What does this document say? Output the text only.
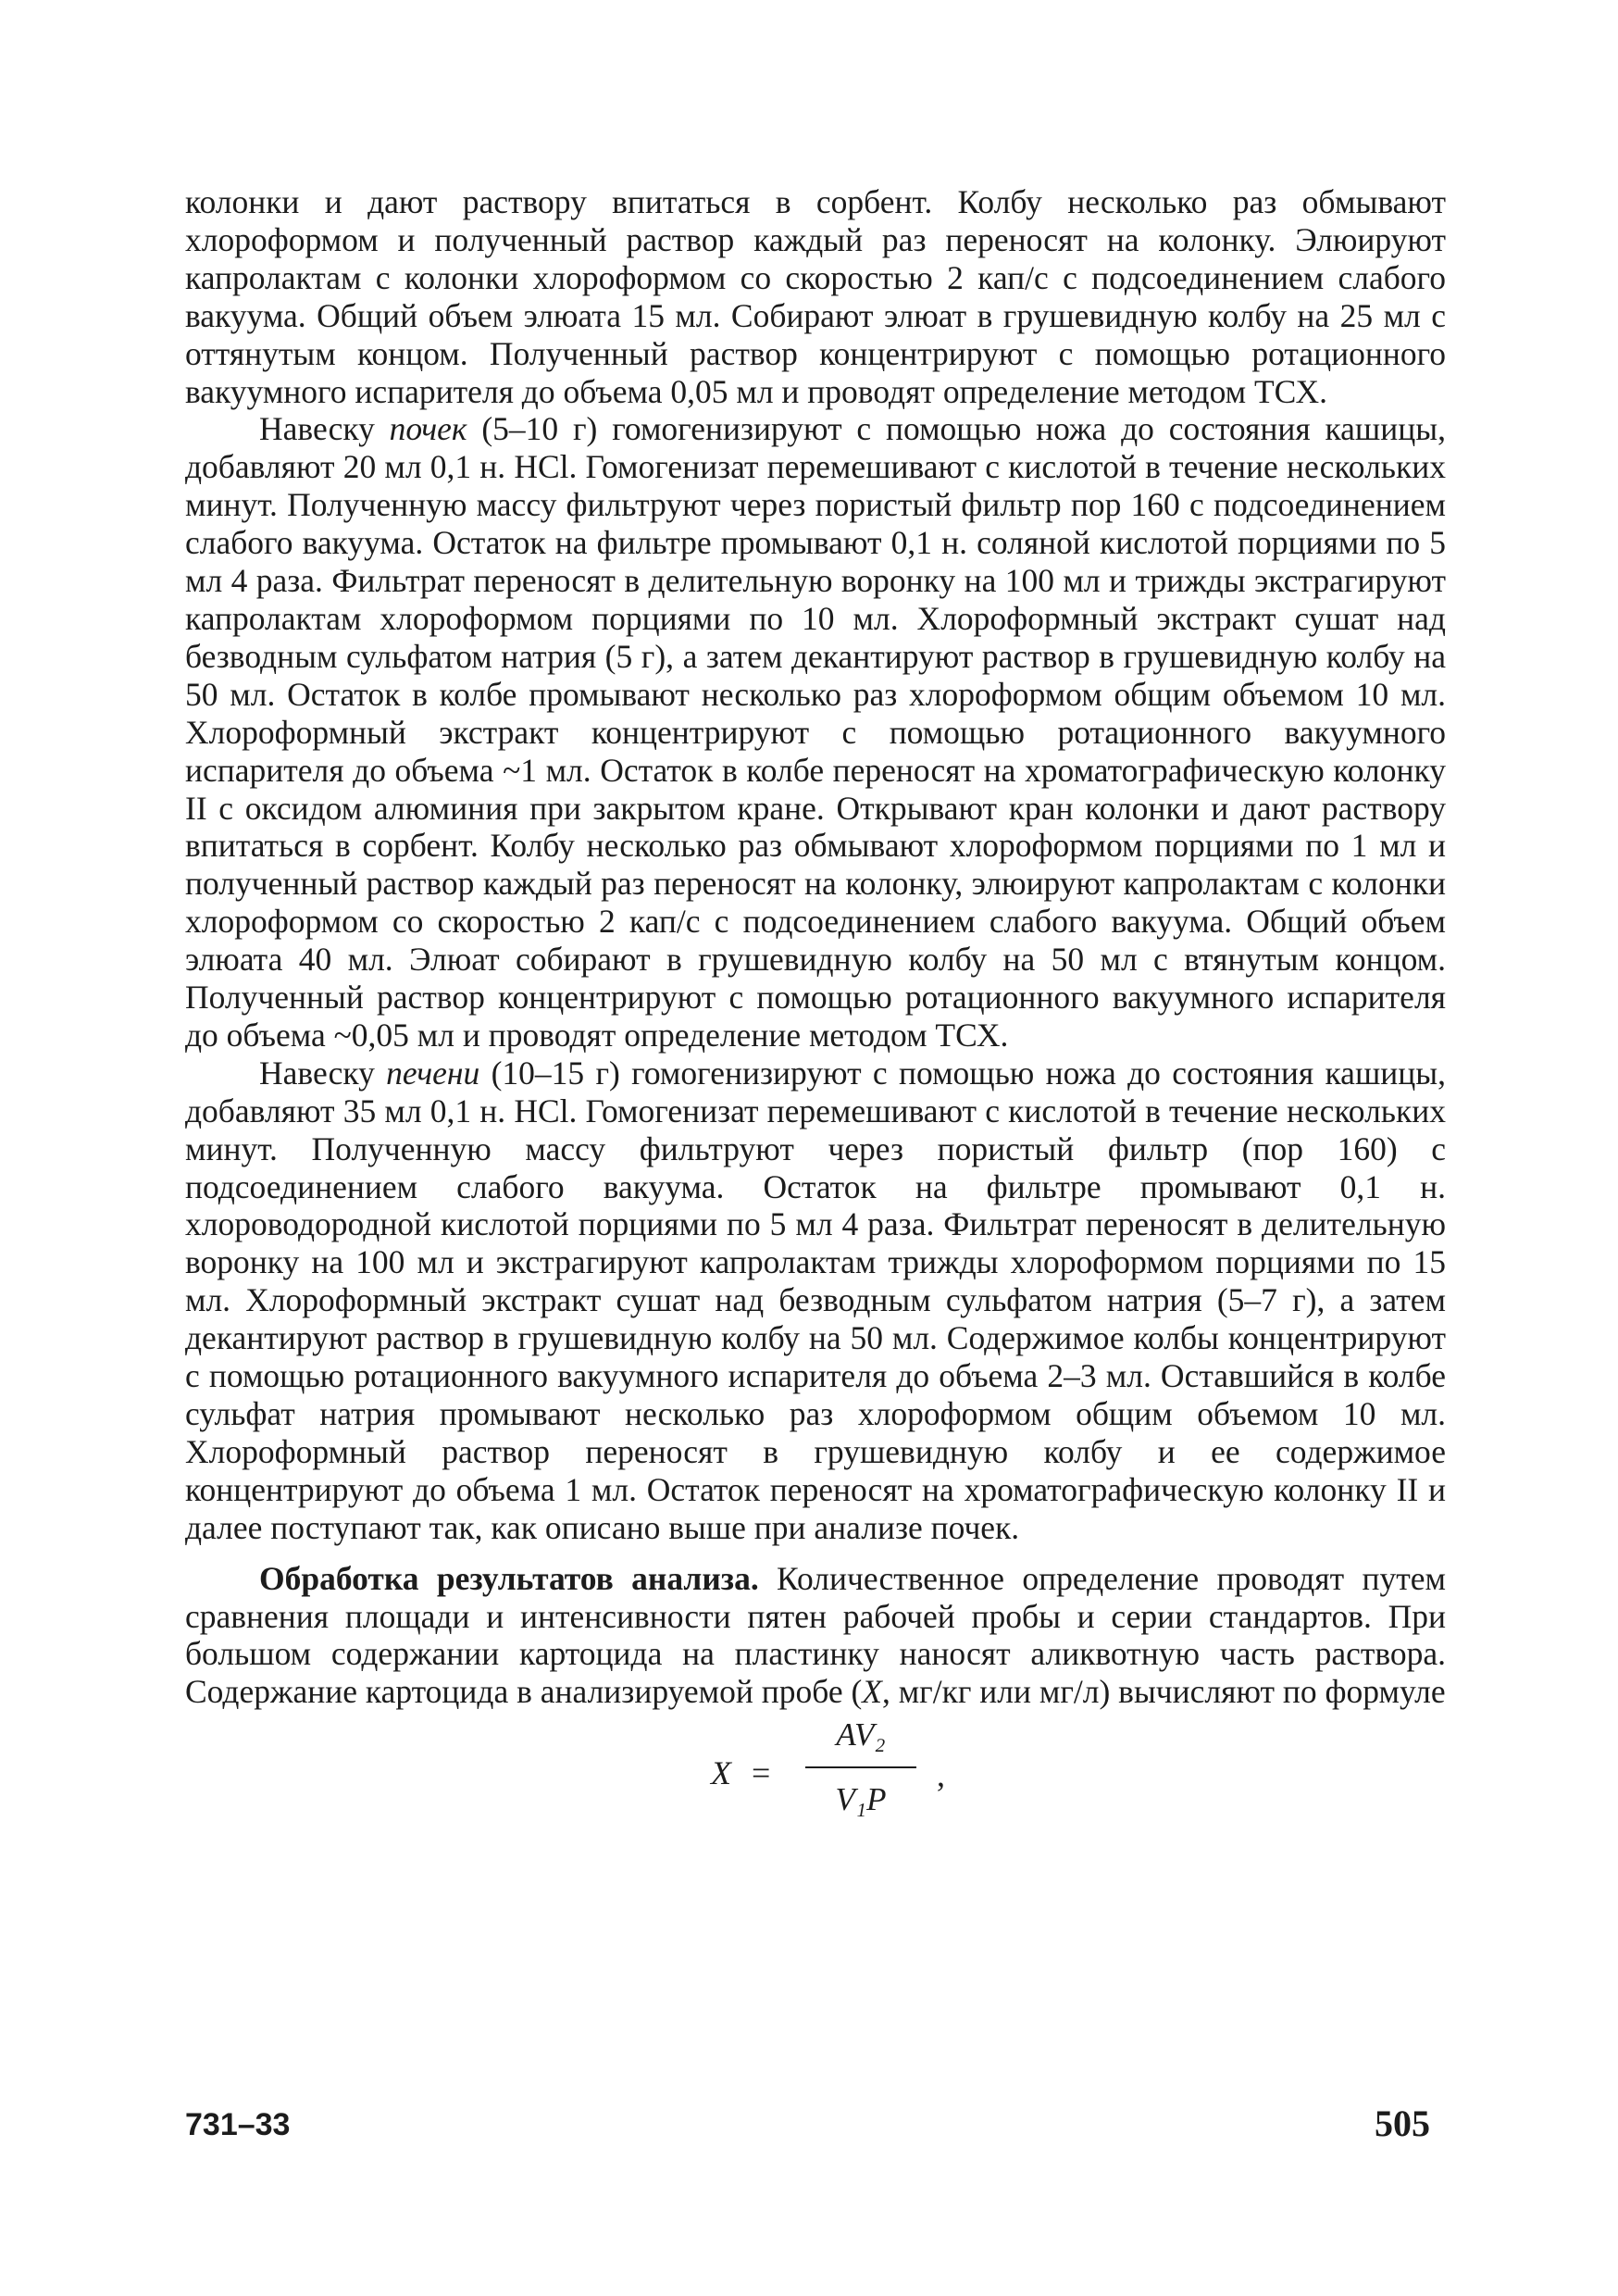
колонки и дают раствору впитаться в сорбент. Колбу несколько раз обмывают хлороформом и полученный раствор каждый раз переносят на колонку. Элюируют капролактам с колонки хлороформом со скоростью 2 кап/с с подсоединением слабого вакуума. Общий объем элюата 15 мл. Собирают элюат в грушевидную колбу на 25 мл с оттянутым концом. Полученный раствор концентрируют с помощью ротационного вакуумного испарителя до объема 0,05 мл и проводят определение методом ТСХ.

Навеску почек (5–10 г) гомогенизируют с помощью ножа до состояния кашицы, добавляют 20 мл 0,1 н. HCl. Гомогенизат перемешивают с кислотой в течение нескольких минут. Полученную массу фильтруют через пористый фильтр пор 160 с подсоединением слабого вакуума. Остаток на фильтре промывают 0,1 н. соляной кислотой порциями по 5 мл 4 раза. Фильтрат переносят в делительную воронку на 100 мл и трижды экстрагируют капролактам хлороформом порциями по 10 мл. Хлороформный экстракт сушат над безводным сульфатом натрия (5 г), а затем декантируют раствор в грушевидную колбу на 50 мл. Остаток в колбе промывают несколько раз хлороформом общим объемом 10 мл. Хлороформный экстракт концентрируют с помощью ротационного вакуумного испарителя до объема ~1 мл. Остаток в колбе переносят на хроматографическую колонку II с оксидом алюминия при закрытом кране. Открывают кран колонки и дают раствору впитаться в сорбент. Колбу несколько раз обмывают хлороформом порциями по 1 мл и полученный раствор каждый раз переносят на колонку, элюируют капролактам с колонки хлороформом со скоростью 2 кап/с с подсоединением слабого вакуума. Общий объем элюата 40 мл. Элюат собирают в грушевидную колбу на 50 мл с втянутым концом. Полученный раствор концентрируют с помощью ротационного вакуумного испарителя до объема ~0,05 мл и проводят определение методом ТСХ.

Навеску печени (10–15 г) гомогенизируют с помощью ножа до состояния кашицы, добавляют 35 мл 0,1 н. HCl. Гомогенизат перемешивают с кислотой в течение нескольких минут. Полученную массу фильтруют через пористый фильтр (пор 160) с подсоединением слабого вакуума. Остаток на фильтре промывают 0,1 н. хлороводородной кислотой порциями по 5 мл 4 раза. Фильтрат переносят в делительную воронку на 100 мл и экстрагируют капролактам трижды хлороформом порциями по 15 мл. Хлороформный экстракт сушат над безводным сульфатом натрия (5–7 г), а затем декантируют раствор в грушевидную колбу на 50 мл. Содержимое колбы концентрируют с помощью ротационного вакуумного испарителя до объема 2–3 мл. Оставшийся в колбе сульфат натрия промывают несколько раз хлороформом общим объемом 10 мл. Хлороформный раствор переносят в грушевидную колбу и ее содержимое концентрируют до объема 1 мл. Остаток переносят на хроматографическую колонку II и далее поступают так, как описано выше при анализе почек.

Обработка результатов анализа. Количественное определение проводят путем сравнения площади и интенсивности пятен рабочей пробы и серии стандартов. При большом содержании картоцида на пластинку наносят аликвотную часть раствора. Содержание картоцида в анализируемой пробе (X, мг/кг или мг/л) вычисляют по формуле

X =
AV₂
V₁P
,
731–33	505
